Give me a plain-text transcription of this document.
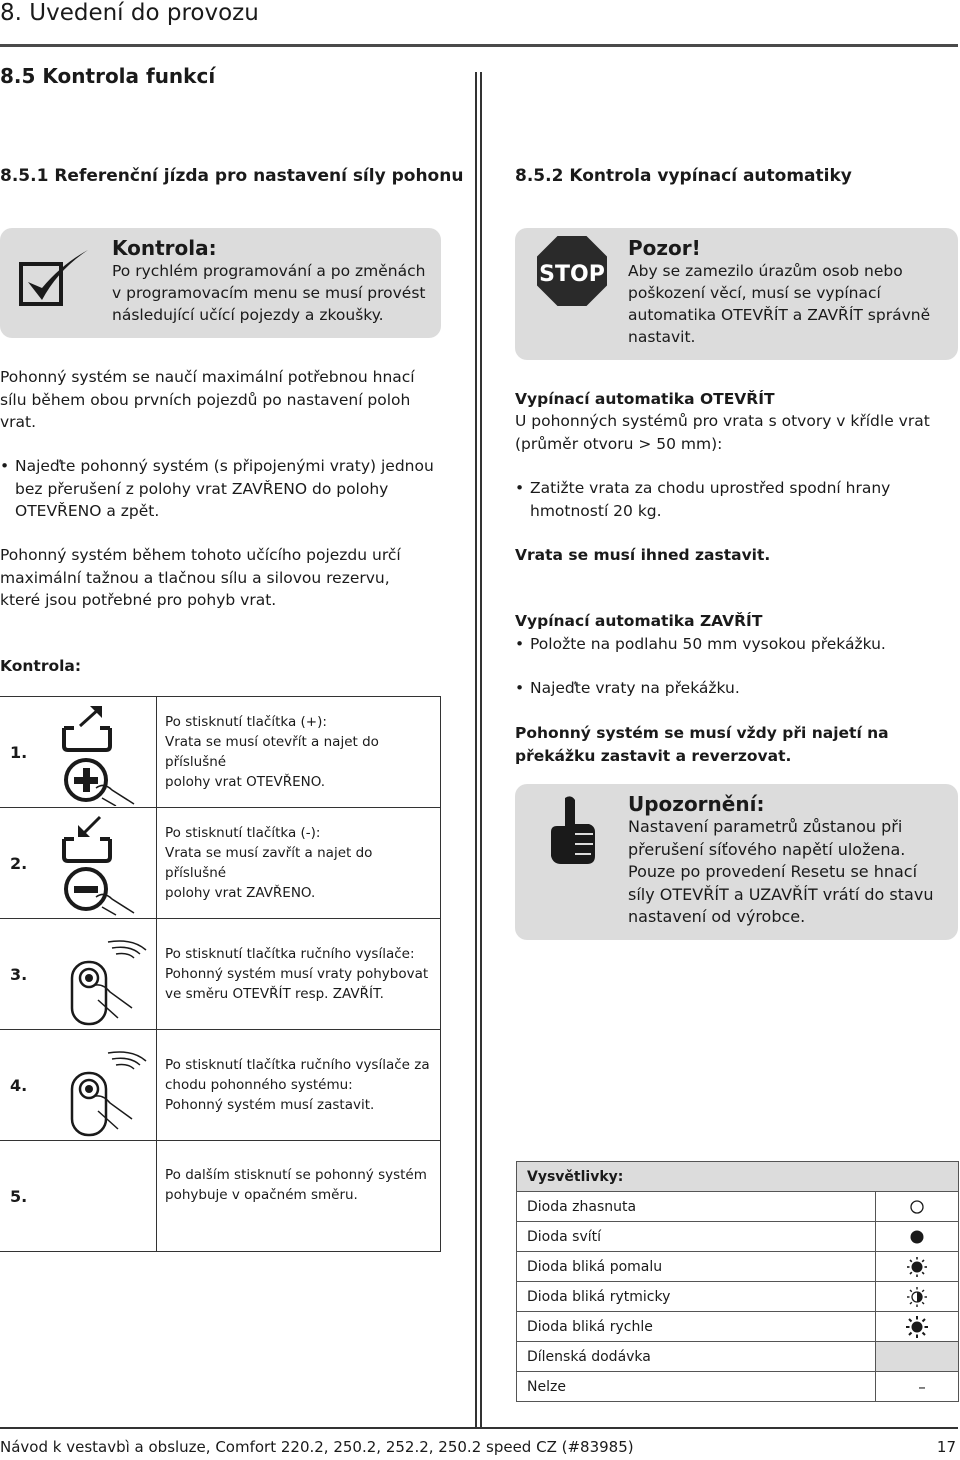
8. Uvedení do provozu
8.5 Kontrola funkcí
8.5.1 Referenční jízda pro nastavení síly pohonu
Kontrola:
Po rychlém programování a po změnách
v programovacím menu se musí provést
následující učící pojezdy a zkoušky.
Pohonný systém se naučí maximální potřebnou hnací
sílu během obou prvních pojezdů po nastavení poloh
vrat.
• Najeďte pohonný systém (s připojenými vraty) jednou
bez přerušení z polohy vrat ZAVŘENO do polohy
OTEVŘENO a zpět.
Pohonný systém během tohoto učícího pojezdu určí
maximální tažnou a tlačnou sílu a silovou rezervu,
které jsou potřebné pro pohyb vrat.
Kontrola:
1.		Po stisknutí tlačítka (+):
Vrata se musí otevřít a najet do příslušné
polohy vrat OTEVŘENO.

2.		Po stisknutí tlačítka (-):
Vrata se musí zavřít a najet do příslušné
polohy vrat ZAVŘENO.

3.		Po stisknutí tlačítka ručního vysílače:
Pohonný systém musí vraty pohybovat
ve směru OTEVŘÍT resp. ZAVŘÍT.

4.		Po stisknutí tlačítka ručního vysílače za
chodu pohonného systému:
Pohonný systém musí zastavit.

5.		Po dalším stisknutí se pohonný systém
pohybuje v opačném směru.
8.5.2 Kontrola vypínací automatiky
STOP
Pozor!
Aby se zamezilo úrazům osob nebo
poškození věcí, musí se vypínací
automatika OTEVŘÍT a ZAVŘÍT správně
nastavit.
Vypínací automatika OTEVŘÍT
U pohonných systémů pro vrata s otvory v křídle vrat
(průměr otvoru > 50 mm):
• Zatižte vrata za chodu uprostřed spodní hrany
hmotností 20 kg.
Vrata se musí ihned zastavit.
Vypínací automatika ZAVŘÍT
• Položte na podlahu 50 mm vysokou překážku.
• Najeďte vraty na překážku.
Pohonný systém se musí vždy při najetí na
překážku zastavit a reverzovat.
Upozornění:
Nastavení parametrů zůstanou při
přerušení síťového napětí uložena.
Pouze po provedení Resetu se hnací
síly OTEVŘÍT a UZAVŘÍT vrátí do stavu
nastavení od výrobce.
Vysvětlivky:	
Dioda zhasnuta	

Dioda svítí	

Dioda bliká pomalu	

Dioda bliká rytmicky	

Dioda bliká rychle	

Dílenská dodávka	
Nelze	–
Návod k vestavbì a obsluze, Comfort 220.2, 250.2, 252.2, 250.2 speed CZ (#83985)	17
